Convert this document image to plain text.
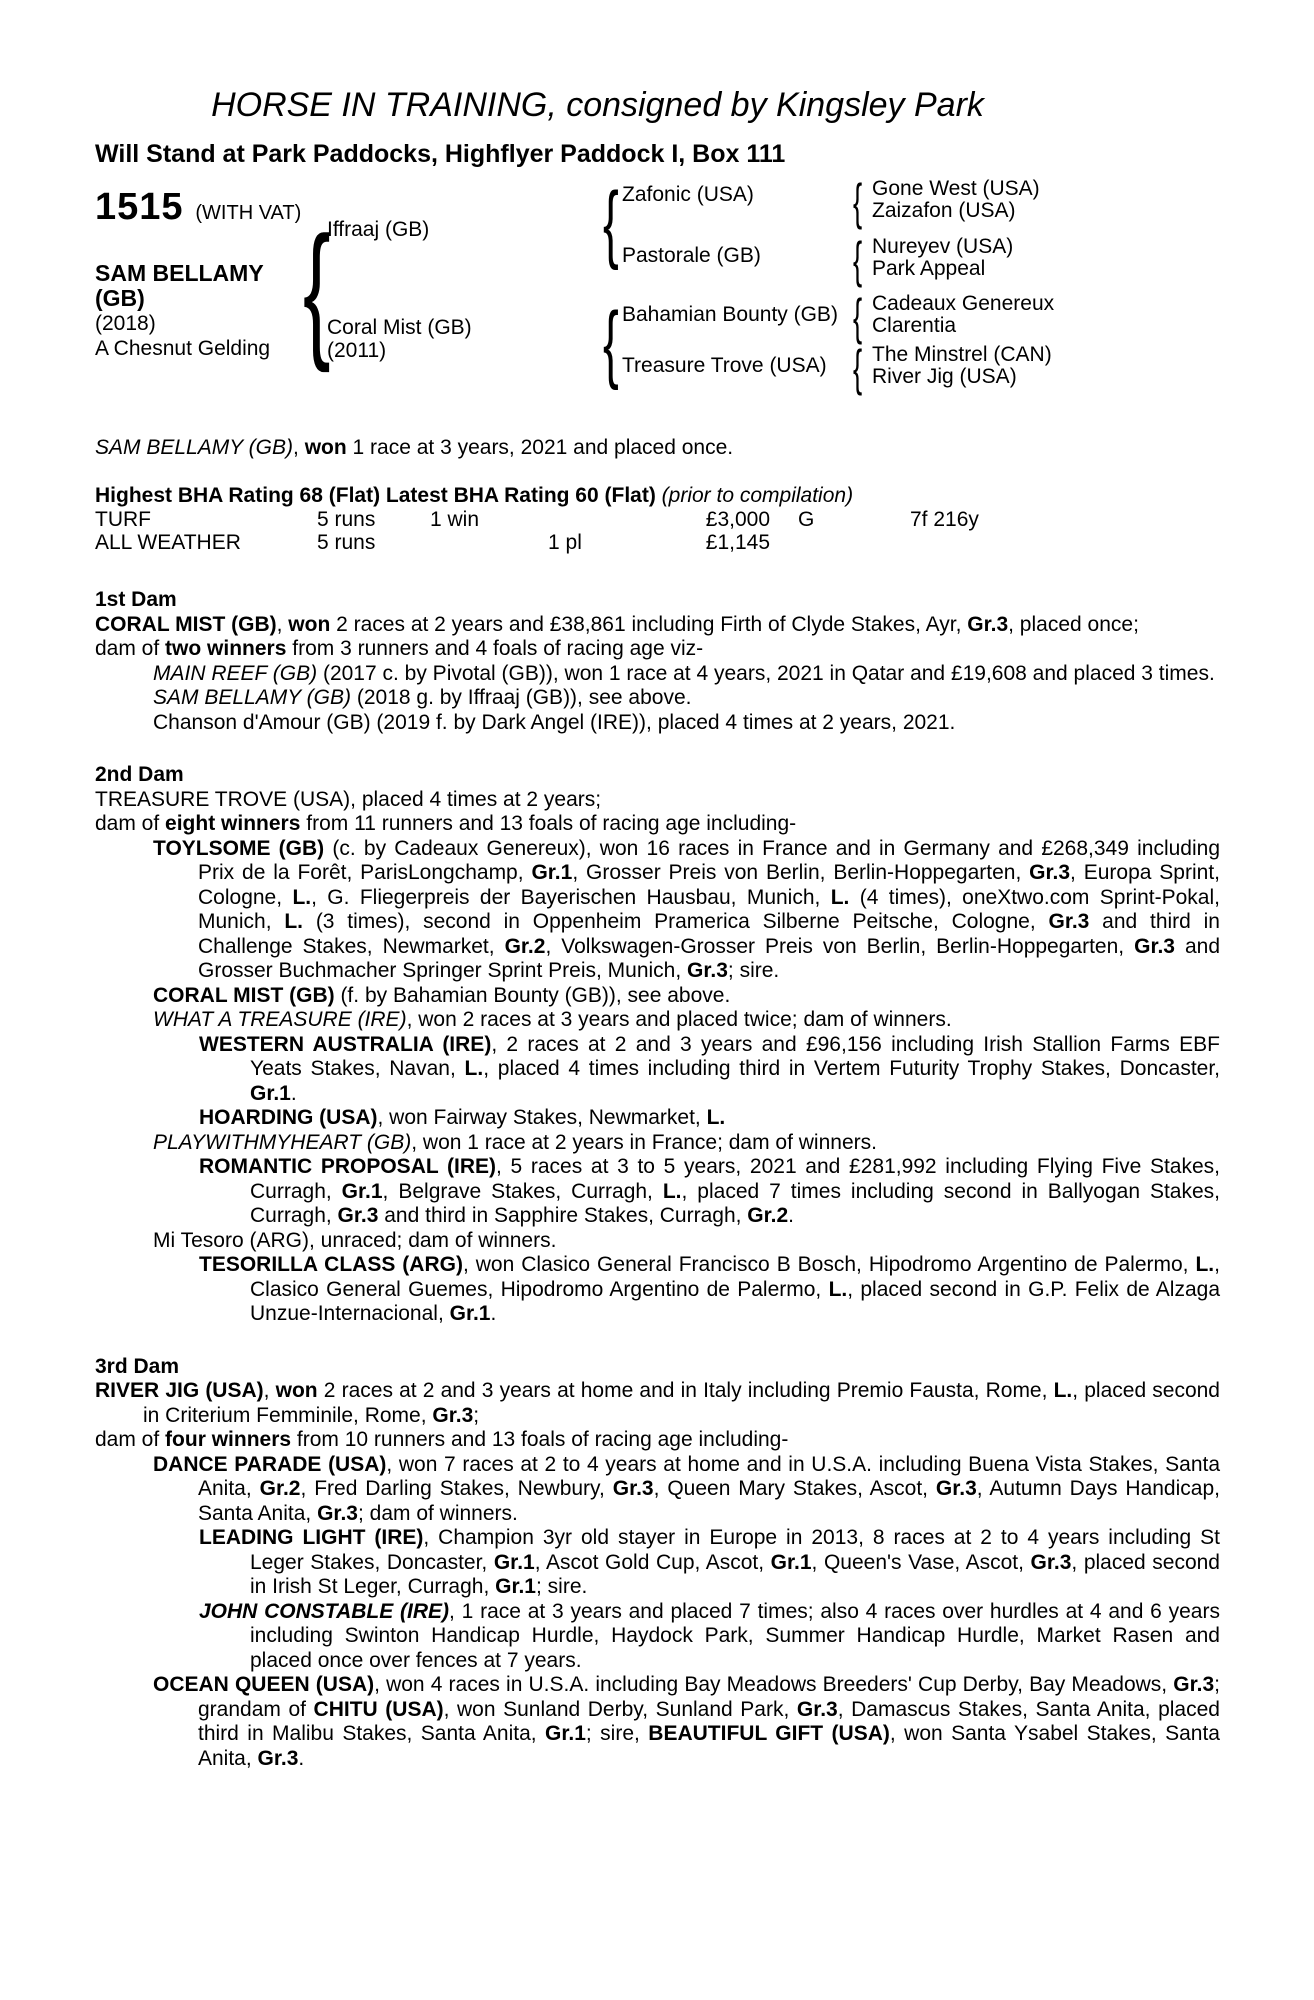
HORSE IN TRAINING, consigned by Kingsley Park
Will Stand at Park Paddocks, Highflyer Paddock I, Box 111
1515 (WITH VAT)
SAM BELLAMY
(GB)
(2018)
A Chesnut Gelding {
Iffraaj (GB)
Coral Mist (GB)
(2011)
{
{
Zafonic (USA)
Pastorale (GB)
Bahamian Bounty (GB)
Treasure Trove (USA)
{
{
{
{
Gone West (USA)
Zaizafon (USA)
Nureyev (USA)
Park Appeal
Cadeaux Genereux
Clarentia
The Minstrel (CAN)
River Jig (USA)
SAM BELLAMY (GB), won 1 race at 3 years, 2021 and placed once.
Highest BHA Rating 68 (Flat) Latest BHA Rating 60 (Flat) (prior to compilation)
TURF	5 runs	1 win	£3,000	G	7f 216y
ALL WEATHER	5 runs	1 pl	£1,145
1st Dam
CORAL MIST (GB), won 2 races at 2 years and £38,861 including Firth of Clyde Stakes, Ayr, Gr.3, placed once;
dam of two winners from 3 runners and 4 foals of racing age viz-
MAIN REEF (GB) (2017 c. by Pivotal (GB)), won 1 race at 4 years, 2021 in Qatar and £19,608 and placed 3 times.
SAM BELLAMY (GB) (2018 g. by Iffraaj (GB)), see above.
Chanson d'Amour (GB) (2019 f. by Dark Angel (IRE)), placed 4 times at 2 years, 2021.
2nd Dam
TREASURE TROVE (USA), placed 4 times at 2 years;
dam of eight winners from 11 runners and 13 foals of racing age including-
TOYLSOME (GB) (c. by Cadeaux Genereux), won 16 races in France and in Germany and £268,349 including Prix de la Forêt, ParisLongchamp, Gr.1, Grosser Preis von Berlin, Berlin-Hoppegarten, Gr.3, Europa Sprint, Cologne, L., G. Fliegerpreis der Bayerischen Hausbau, Munich, L. (4 times), oneXtwo.com Sprint-Pokal, Munich, L. (3 times), second in Oppenheim Pramerica Silberne Peitsche, Cologne, Gr.3 and third in Challenge Stakes, Newmarket, Gr.2, Volkswagen-Grosser Preis von Berlin, Berlin-Hoppegarten, Gr.3 and Grosser Buchmacher Springer Sprint Preis, Munich, Gr.3; sire.
CORAL MIST (GB) (f. by Bahamian Bounty (GB)), see above.
WHAT A TREASURE (IRE), won 2 races at 3 years and placed twice; dam of winners.
WESTERN AUSTRALIA (IRE), 2 races at 2 and 3 years and £96,156 including Irish Stallion Farms EBF Yeats Stakes, Navan, L., placed 4 times including third in Vertem Futurity Trophy Stakes, Doncaster, Gr.1.
HOARDING (USA), won Fairway Stakes, Newmarket, L.
PLAYWITHMYHEART (GB), won 1 race at 2 years in France; dam of winners.
ROMANTIC PROPOSAL (IRE), 5 races at 3 to 5 years, 2021 and £281,992 including Flying Five Stakes, Curragh, Gr.1, Belgrave Stakes, Curragh, L., placed 7 times including second in Ballyogan Stakes, Curragh, Gr.3 and third in Sapphire Stakes, Curragh, Gr.2.
Mi Tesoro (ARG), unraced; dam of winners.
TESORILLA CLASS (ARG), won Clasico General Francisco B Bosch, Hipodromo Argentino de Palermo, L., Clasico General Guemes, Hipodromo Argentino de Palermo, L., placed second in G.P. Felix de Alzaga Unzue-Internacional, Gr.1.
3rd Dam
RIVER JIG (USA), won 2 races at 2 and 3 years at home and in Italy including Premio Fausta, Rome, L., placed second in Criterium Femminile, Rome, Gr.3;
dam of four winners from 10 runners and 13 foals of racing age including-
DANCE PARADE (USA), won 7 races at 2 to 4 years at home and in U.S.A. including Buena Vista Stakes, Santa Anita, Gr.2, Fred Darling Stakes, Newbury, Gr.3, Queen Mary Stakes, Ascot, Gr.3, Autumn Days Handicap, Santa Anita, Gr.3; dam of winners.
LEADING LIGHT (IRE), Champion 3yr old stayer in Europe in 2013, 8 races at 2 to 4 years including St Leger Stakes, Doncaster, Gr.1, Ascot Gold Cup, Ascot, Gr.1, Queen's Vase, Ascot, Gr.3, placed second in Irish St Leger, Curragh, Gr.1; sire.
JOHN CONSTABLE (IRE), 1 race at 3 years and placed 7 times; also 4 races over hurdles at 4 and 6 years including Swinton Handicap Hurdle, Haydock Park, Summer Handicap Hurdle, Market Rasen and placed once over fences at 7 years.
OCEAN QUEEN (USA), won 4 races in U.S.A. including Bay Meadows Breeders' Cup Derby, Bay Meadows, Gr.3; grandam of CHITU (USA), won Sunland Derby, Sunland Park, Gr.3, Damascus Stakes, Santa Anita, placed third in Malibu Stakes, Santa Anita, Gr.1; sire, BEAUTIFUL GIFT (USA), won Santa Ysabel Stakes, Santa Anita, Gr.3.
